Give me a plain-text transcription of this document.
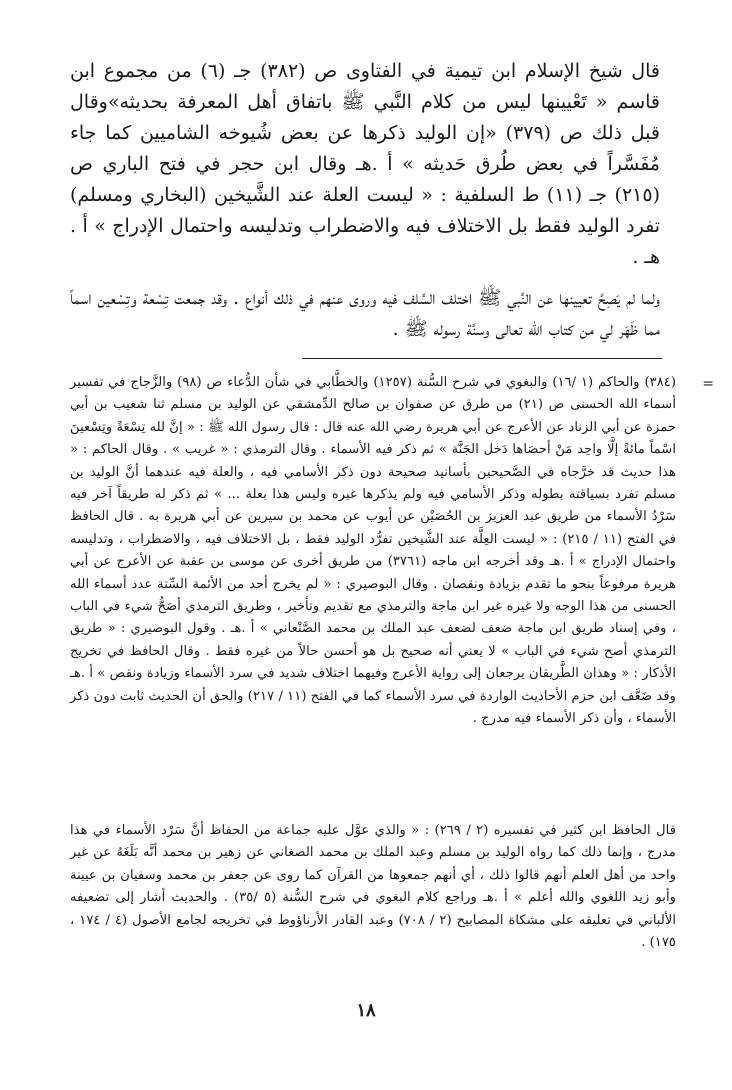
قال شيخ الإسلام ابن تيمية في الفتاوى ص (٣٨٢) جـ (٦) من مجموع ابن قاسم « تَعْيينها ليس من كلام النَّبي ﷺ باتفاق أهل المعرفة بحديثه»وقال قبل ذلك ص (٣٧٩) «إن الوليد ذكرها عن بعض شُيوخه الشاميين كما جاء مُفَسَّراً في بعض طُرق حَديثه » أ .هـ وقال ابن حجر في فتح الباري ص (٢١٥) جـ (١١) ط السلفية : « ليست العلة عند الشَّيخين (البخاري ومسلم) تفرد الوليد فقط بل الاختلاف فيه والاضطراب وتدليسه واحتمال الإدراج » أ . هـ .

ولما لم يَصِحَّ تعيينها عن النَّبي ﷺ اختلف السَّلف فيه وروى عنهم في ذلك أنواع . وقد جمعت تِسْعة وتِسْعين اسماً مما ظَهَر لي من كتاب الله تعالى وسنَّة رسوله ﷺ .

=

(٣٨٤) والحاكم (١ /١٦) والبغوي في شرح السُّنة (١٢٥٧) والخطَّابي في شأن الدُّعاء ص (٩٨) والزَّجاج في تفسير أسماء الله الحسنى ص (٢١) من طرق عن صفوان بن صالح الدِّمشقي عن الوليد بن مسلم ثنا شعيب بن أبي حمزة عن أبي الزناد عن الأعرج عن أبي هريرة رضي الله عنه قال : قال رسول الله ﷺ : « إنَّ لله تِسْعَةً وتِسْعينَ اسْماً مائةً إلَّا واحِد مَنْ أحصَاها دَخل الجَنَّة » ثم ذكر فيه الأسماء . وقال الترمذي : « غريب » . وقال الحاكم : « هذا حديث قد خرَّجاه في الصَّحيحين بأسانيد صحيحة دون ذكر الأسامي فيه ، والعلة فيه عندهما أنَّ الوليد بن مسلم تفرد بسياقته بطوله وذكر الأسامي فيه ولم يذكرها غيره وليس هذا بعلة ... » ثم ذكر له طريقاً آخر فيه سَرْدُ الأسماء من طريق عبد العزيز بن الحُصَيْن عن أيوب عن محمد بن سيرين عن أبي هريرة به . قال الحافظ في الفتح (١١ / ٢١٥) : « ليست العِلَّة عند الشَّيخين تفرُّد الوليد فقط ، بل الاختلاف فيه ، والاضطراب ، وتدليسه واحتمال الإدراج » أ .هـ وقد أخرجه ابن ماجه (٣٧٦١) من طريق أخرى عن موسى بن عقبة عن الأعرج عن أبي هريرة مرفوعاً بنحو ما تقدم بزيادة ونقصان . وقال البوصيري : « لم يخرج أحد من الأئمة السِّتة عدد أسماء الله الحسنى من هذا الوجه ولا غيره غير ابن ماجة والترمذي مع تقديم وتأخير ، وطريق الترمذي أصَحُّ شيء في الباب ، وفي إسناد طريق ابن ماجة ضعف لضعف عبد الملك بن محمد الصَّنْعاني » أ .هـ . وقول البوصيري : « طريق الترمذي أصح شيء في الباب » لا يعني أنه صحيح بل هو أحسن حالاً من غيره فقط . وقال الحافظ في تخريج الأذكار : « وهذان الطَّريقان يرجعان إلى رواية الأعرج وفيهما اختلاف شديد في سرد الأسماء وزيادة ونقص » أ .هـ وقد ضَعَّف ابن حزم الأحاديث الواردة في سرد الأسماء كما في الفتح (١١ / ٢١٧) والحق أن الحديث ثابت دون ذكر الأسماء ، وأن ذكر الأسماء فيه مدرج .

قال الحافظ ابن كثير في تفسيره (٢ / ٢٦٩) : « والذي عوَّل عليه جماعة من الحفاظ أنَّ سَرْد الأسماء في هذا مدرج ، وإنما ذلك كما رواه الوليد بن مسلم وعبد الملك بن محمد الصغاني عن زهير بن محمد أنَّه بَلَغَهُ عن غير واحد من أهل العلم أنهم قالوا ذلك ، أي أنهم جمعوها من القرآن كما روى عن جعفر بن محمد وسفيان بن عيينة وأبو زيد اللغوي والله أعلم » أ .هـ وراجع كلام البغوي في شرح السُّنة (٥ /٣٥) . والحديث أشار إلى تضعيفه الألباني في تعليقه على مشكاة المصابيح (٢ / ٧٠٨) وعبد القادر الأرناؤوط في تخريجه لجامع الأصول (٤ / ١٧٤ ، ١٧٥) .

١٨
